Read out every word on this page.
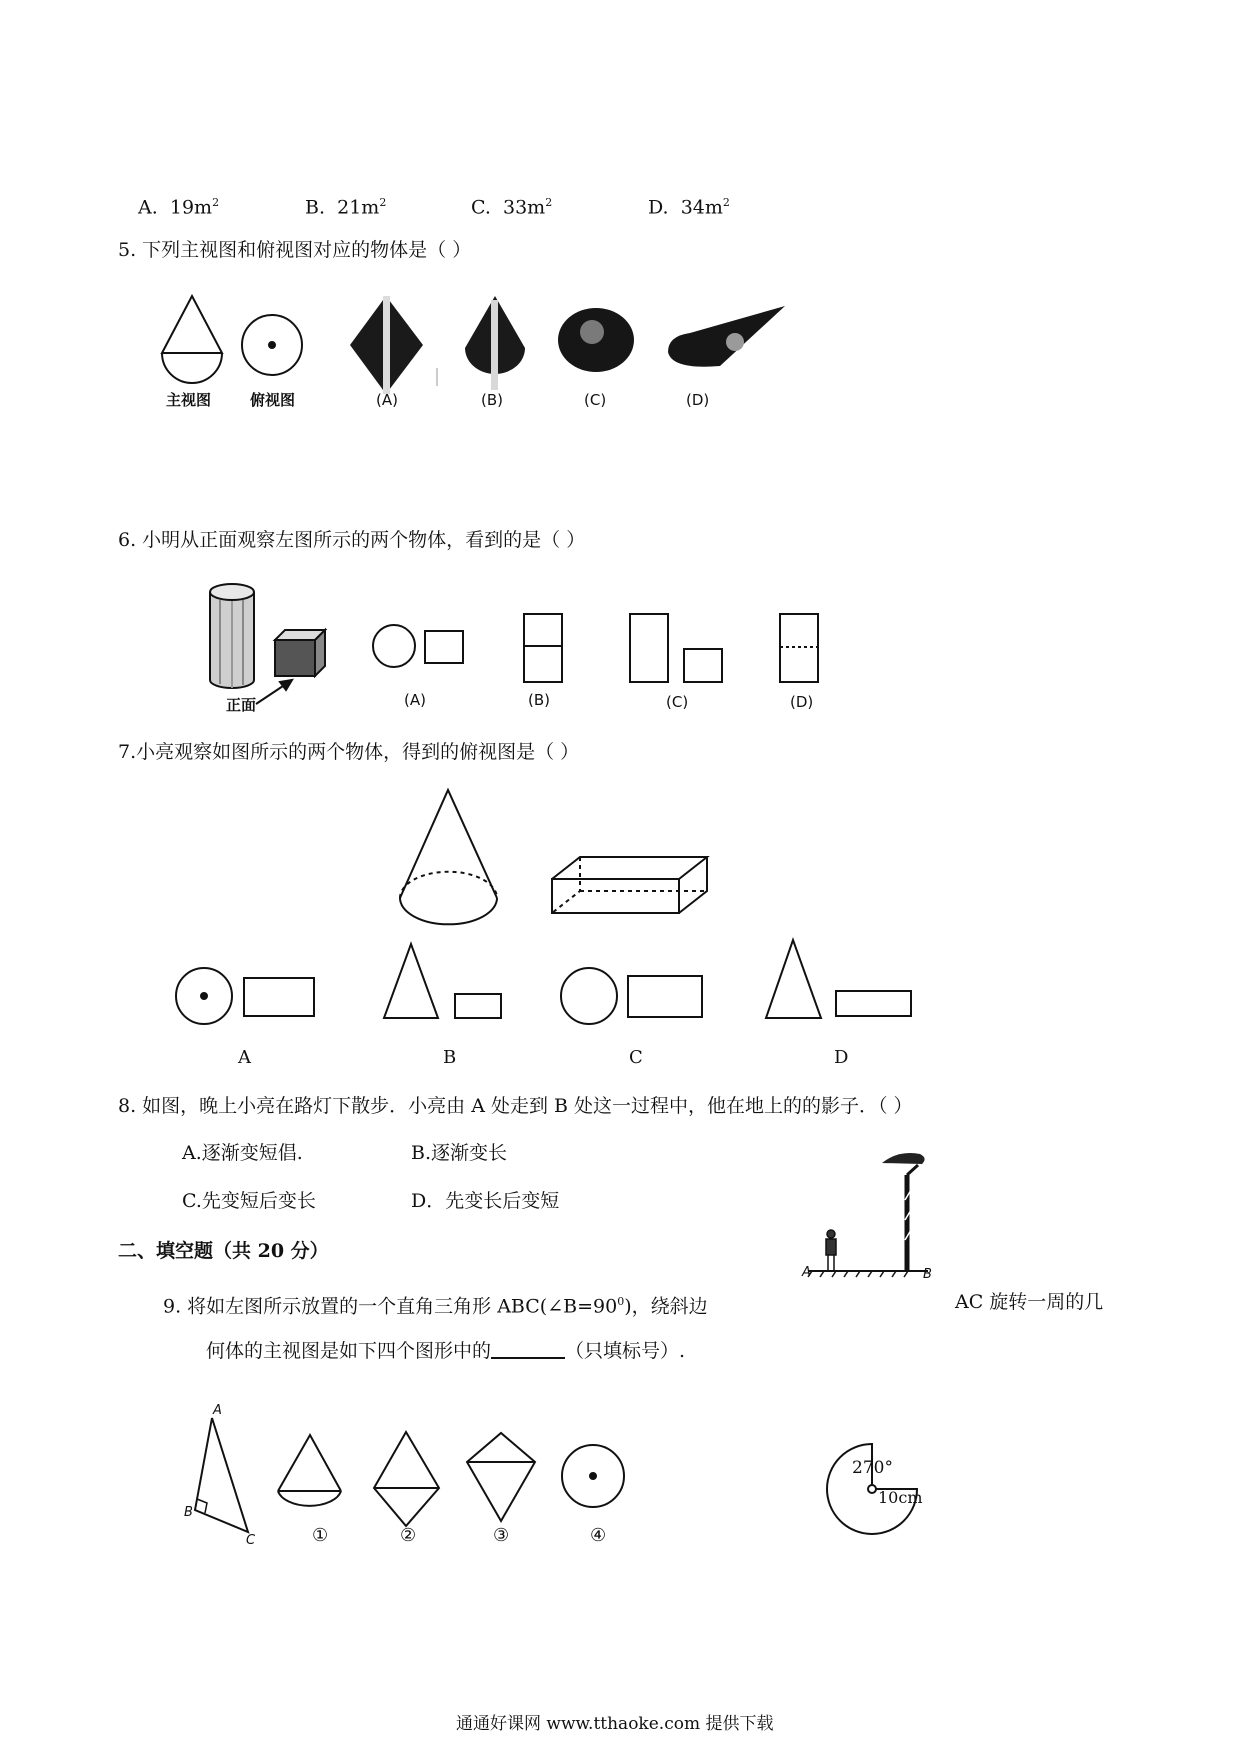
A. $19m^2$	B. $21m^2$	C. $33m^2$	D. $34m^2$
5. 下列主视图和俯视图对应的物体是（ ）
主视图	俯视图	(A)	(B)	(C)	(D)
6. 小明从正面观察左图所示的两个物体，看到的是（ ）
正面	(A)	(B)	(C)	(D)
7.小亮观察如图所示的两个物体，得到的俯视图是（ ）
A	B	C	D
8. 如图，晚上小亮在路灯下散步．小亮由 A 处走到 B 处这一过程中，他在地上的的影子．（ ）
A.逐渐变短倡.	B.逐渐变长
C.先变短后变长	D．先变长后变短
A	B
二、填空题（共 20 分）
9. 将如左图所示放置的一个直角三角形 $ABC(\angle B=90^0)$，绕斜边	AC 旋转一周的几
何体的主视图是如下四个图形中的	（只填标号）.
A
B
C	①	②	③	④
270°
10cm
通通好课网 www.tthaoke.com 提供下载
